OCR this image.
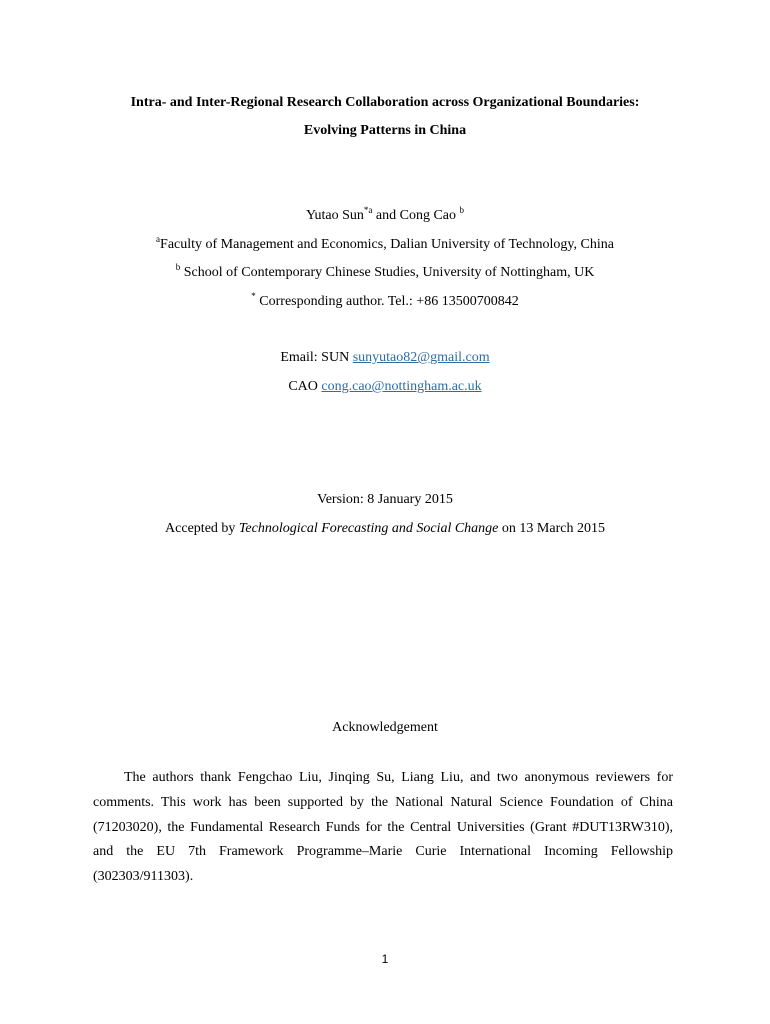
Intra- and Inter-Regional Research Collaboration across Organizational Boundaries:
Evolving Patterns in China
Yutao Sun$^{*a}$ and Cong Cao $^b$
$^a$Faculty of Management and Economics, Dalian University of Technology, China
$^b$ School of Contemporary Chinese Studies, University of Nottingham, UK
* Corresponding author. Tel.: +86 13500700842
Email: SUN sunyutao82@gmail.com
CAO cong.cao@nottingham.ac.uk
Version: 8 January 2015
Accepted by Technological Forecasting and Social Change on 13 March 2015
Acknowledgement
The authors thank Fengchao Liu, Jinqing Su, Liang Liu, and two anonymous reviewers for comments. This work has been supported by the National Natural Science Foundation of China (71203020), the Fundamental Research Funds for the Central Universities (Grant #DUT13RW310), and the EU 7th Framework Programme–Marie Curie International Incoming Fellowship (302303/911303).
1
